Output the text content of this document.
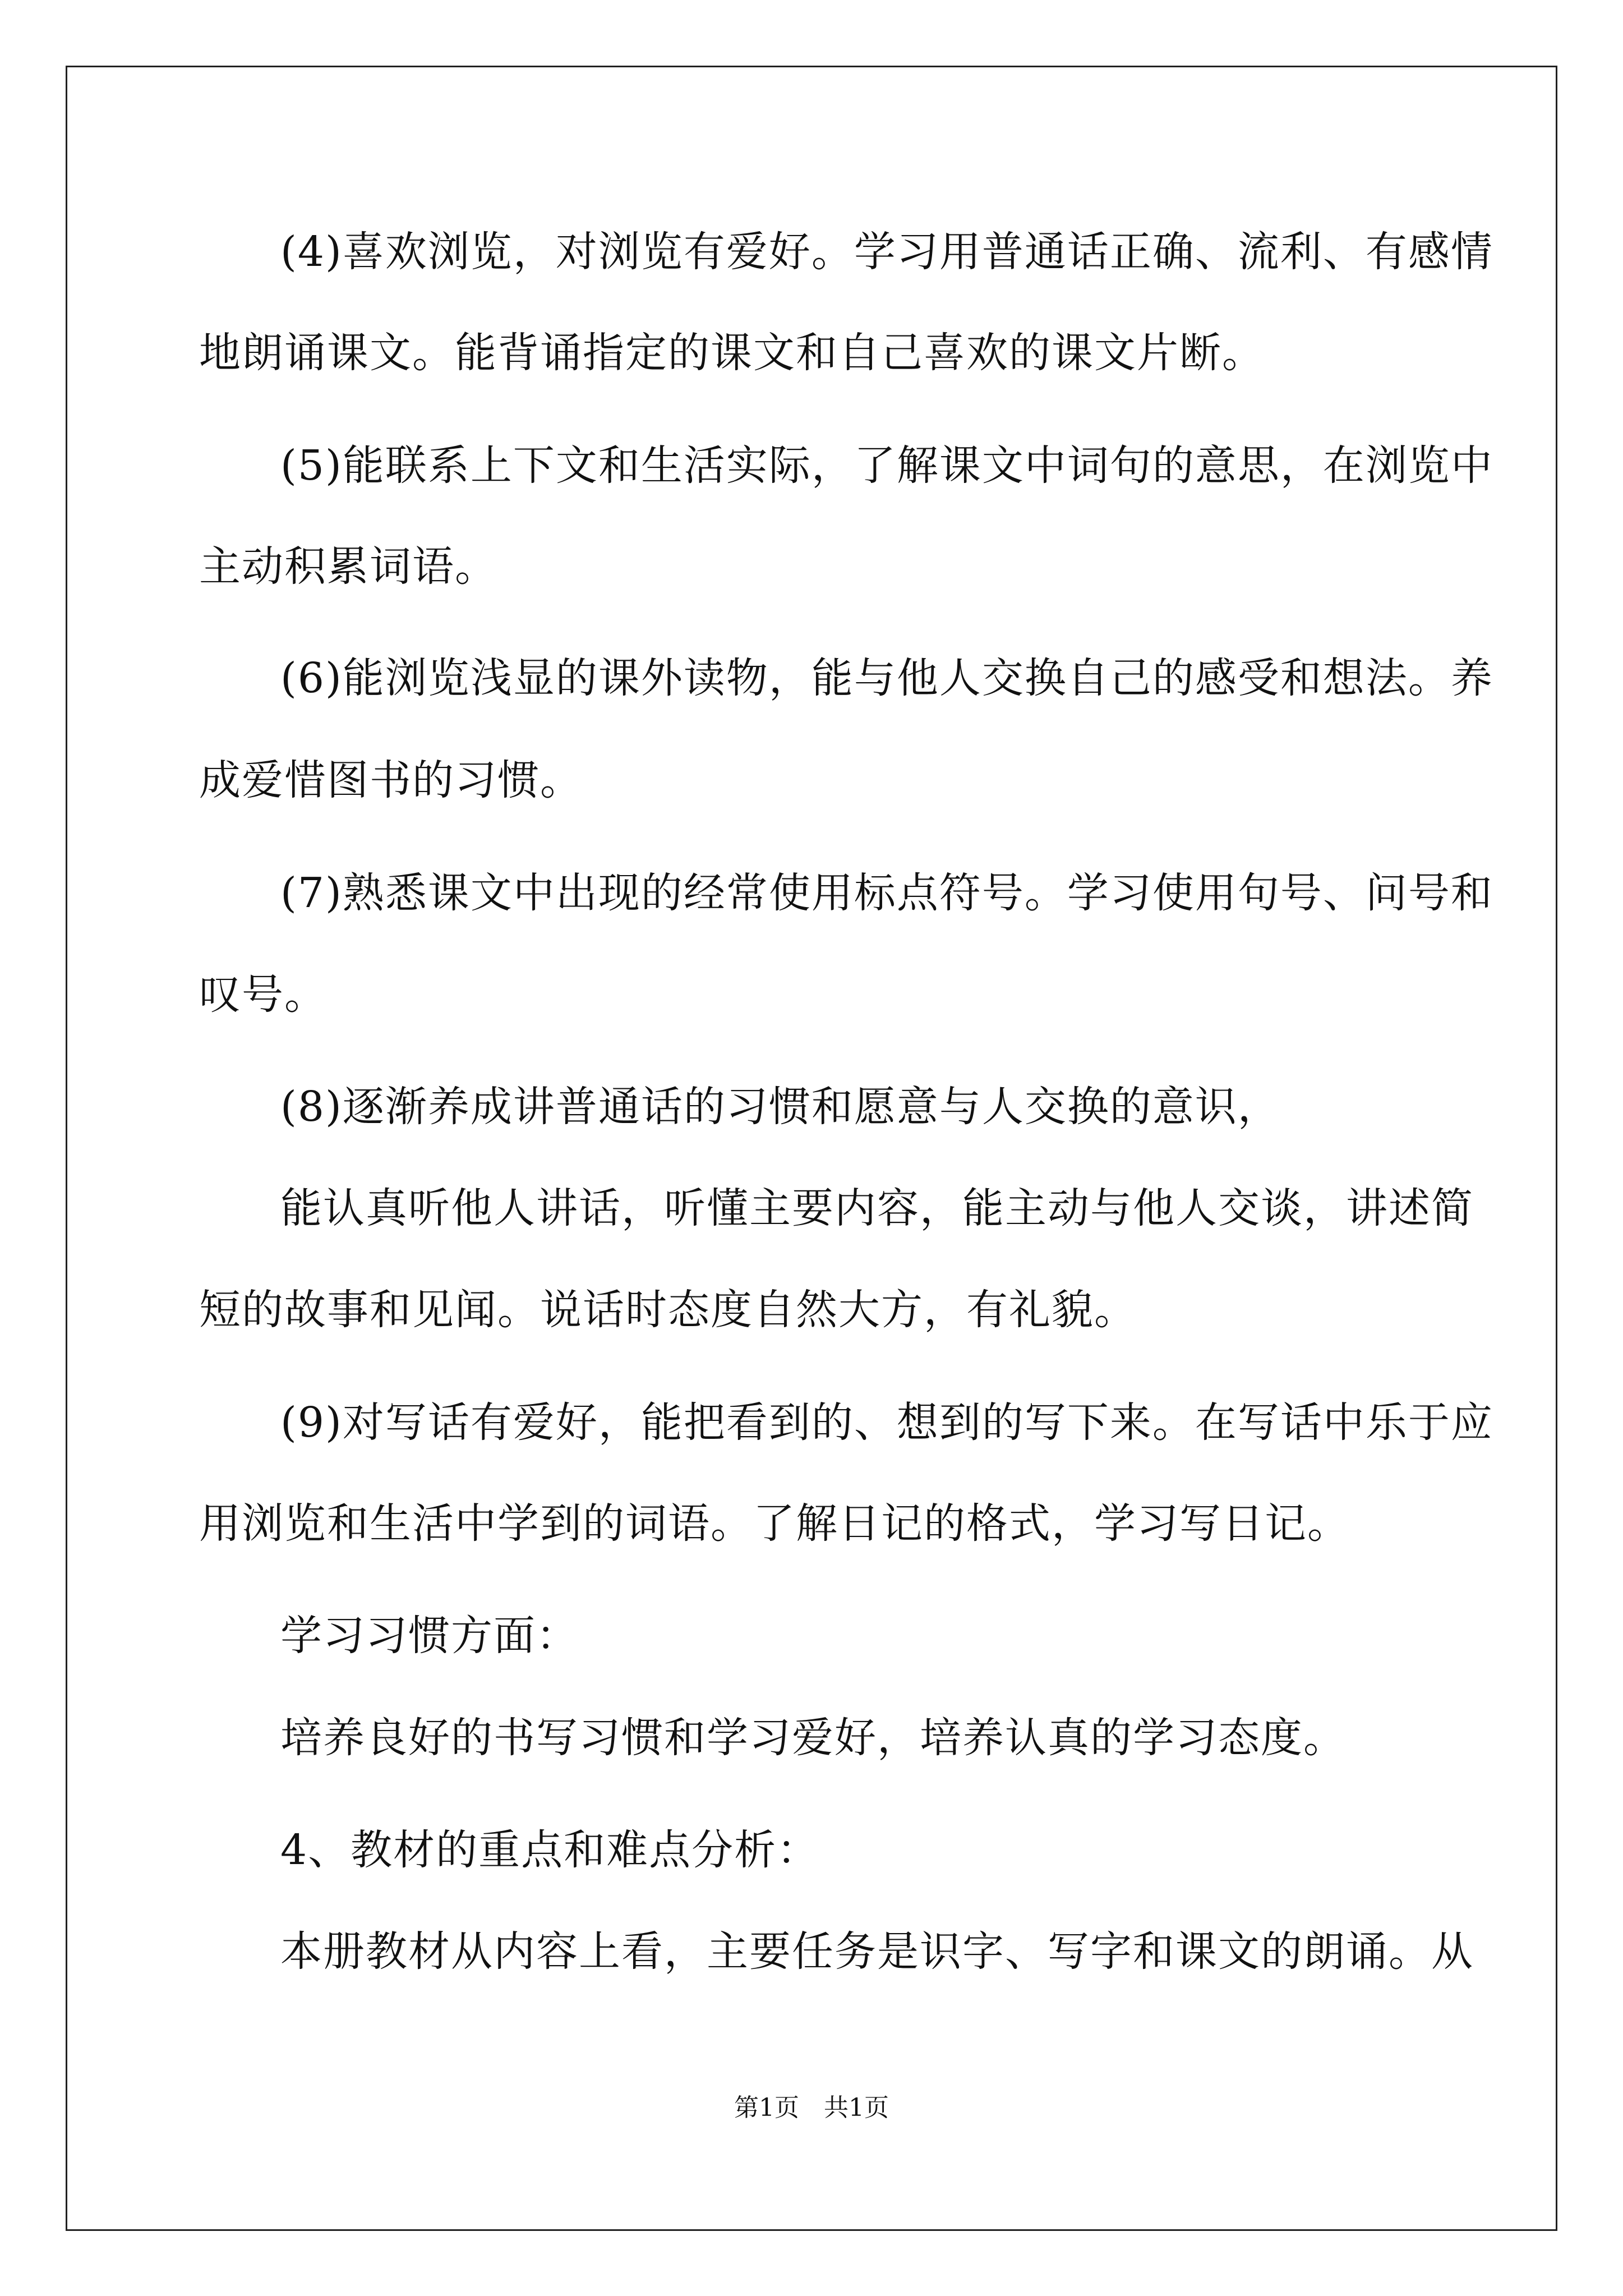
(4)喜欢浏览，对浏览有爱好。学习用普通话正确、流利、有感情
地朗诵课文。能背诵指定的课文和自己喜欢的课文片断。
(5)能联系上下文和生活实际，了解课文中词句的意思，在浏览中
主动积累词语。
(6)能浏览浅显的课外读物，能与他人交换自己的感受和想法。养
成爱惜图书的习惯。
(7)熟悉课文中出现的经常使用标点符号。学习使用句号、问号和
叹号。
(8)逐渐养成讲普通话的习惯和愿意与人交换的意识，
能认真听他人讲话，听懂主要内容，能主动与他人交谈，讲述简
短的故事和见闻。说话时态度自然大方，有礼貌。
(9)对写话有爱好，能把看到的、想到的写下来。在写话中乐于应
用浏览和生活中学到的词语。了解日记的格式，学习写日记。
学习习惯方面：
培养良好的书写习惯和学习爱好，培养认真的学习态度。
4、教材的重点和难点分析：
本册教材从内容上看，主要任务是识字、写字和课文的朗诵。从
第1页　共1页
